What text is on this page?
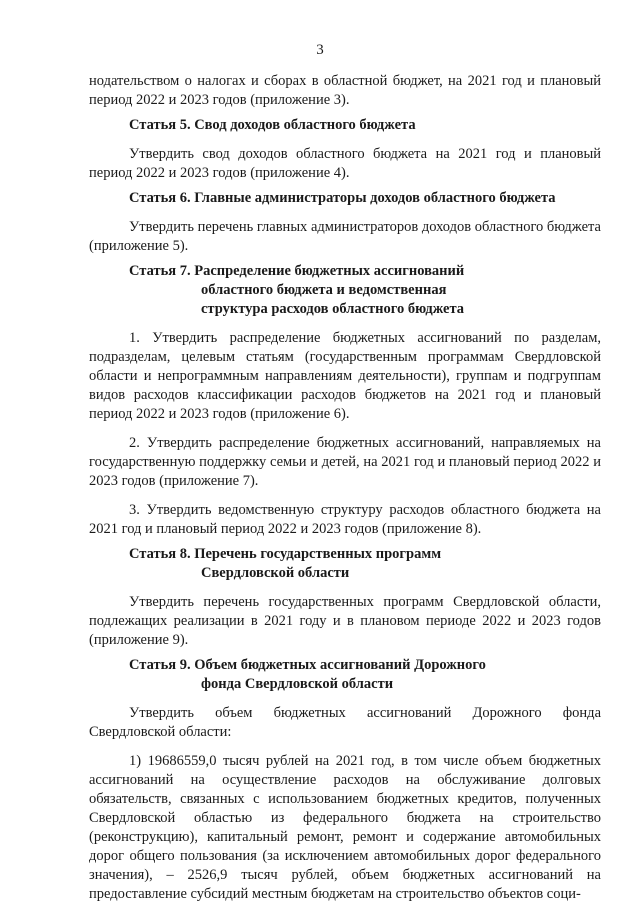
3

нодательством о налогах и сборах в областной бюджет, на 2021 год и плановый период 2022 и 2023 годов (приложение 3).

Статья 5. Свод доходов областного бюджета

Утвердить свод доходов областного бюджета на 2021 год и плановый период 2022 и 2023 годов (приложение 4).

Статья 6. Главные администраторы доходов областного бюджета

Утвердить перечень главных администраторов доходов областного бюджета (приложение 5).

Статья 7. Распределение бюджетных ассигнований
областного бюджета и ведомственная
структура расходов областного бюджета

1. Утвердить распределение бюджетных ассигнований по разделам, подразделам, целевым статьям (государственным программам Свердловской области и непрограммным направлениям деятельности), группам и подгруппам видов расходов классификации расходов бюджетов на 2021 год и плановый период 2022 и 2023 годов (приложение 6).

2. Утвердить распределение бюджетных ассигнований, направляемых на государственную поддержку семьи и детей, на 2021 год и плановый период 2022 и 2023 годов (приложение 7).

3. Утвердить ведомственную структуру расходов областного бюджета на 2021 год и плановый период 2022 и 2023 годов (приложение 8).

Статья 8. Перечень государственных программ
Свердловской области

Утвердить перечень государственных программ Свердловской области, подлежащих реализации в 2021 году и в плановом периоде 2022 и 2023 годов (приложение 9).

Статья 9. Объем бюджетных ассигнований Дорожного
фонда Свердловской области

Утвердить объем бюджетных ассигнований Дорожного фонда Свердловской области:

1) 19686559,0 тысяч рублей на 2021 год, в том числе объем бюджетных ассигнований на осуществление расходов на обслуживание долговых обязательств, связанных с использованием бюджетных кредитов, полученных Свердловской областью из федерального бюджета на строительство (реконструкцию), капитальный ремонт, ремонт и содержание автомобильных дорог общего пользования (за исключением автомобильных дорог федерального значения), – 2526,9 тысяч рублей, объем бюджетных ассигнований на предоставление субсидий местным бюджетам на строительство объектов соци-
